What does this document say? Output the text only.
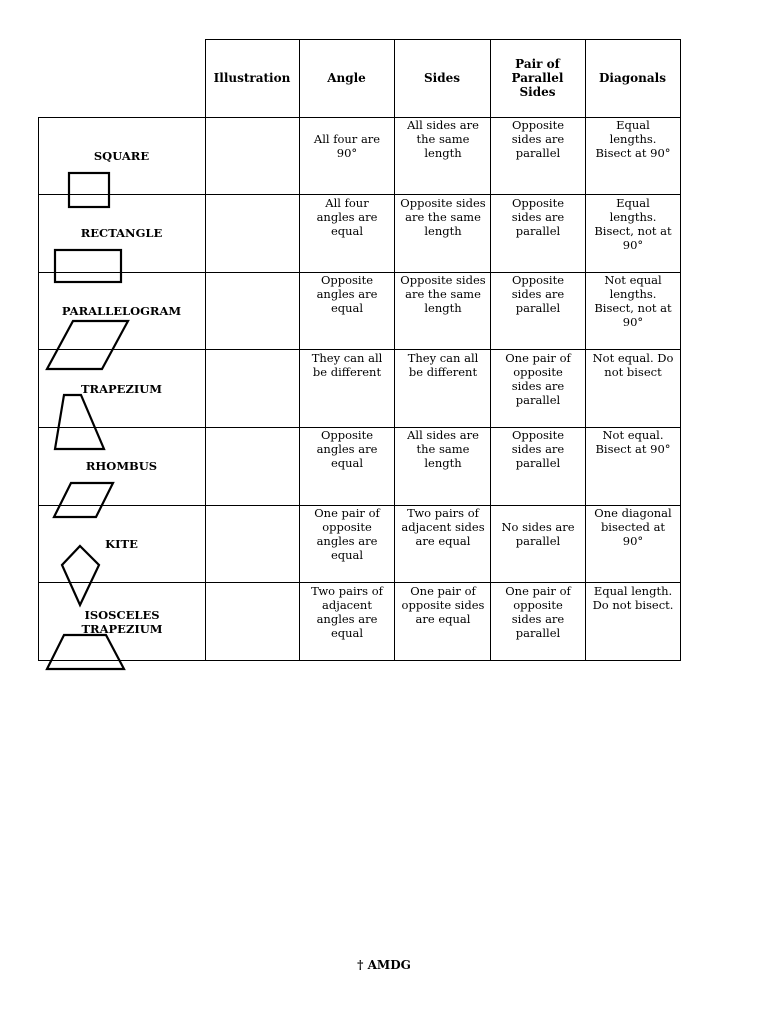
Illustration	Angle	Sides
Pair of Parallel Sides
Diagonals
SQUARE
All four are 90°
All sides are the same length
Opposite sides are parallel
Equal lengths. Bisect at 90°
RECTANGLE
All four angles are equal
Opposite sides are the same length
Opposite sides are parallel
Equal lengths. Bisect, not at 90°
PARALLELOGRAM
Opposite angles are equal
Opposite sides are the same length
Opposite sides are parallel
Not equal lengths. Bisect, not at 90°
TRAPEZIUM
They can all be different
They can all be different
One pair of opposite sides are parallel
Not equal. Do not bisect
RHOMBUS
Opposite angles are equal
All sides are the same length
Opposite sides are parallel
Not equal. Bisect at 90°
KITE
One pair of opposite angles are equal
Two pairs of adjacent sides are equal
No sides are parallel
One diagonal bisected at 90°
ISOSCELES TRAPEZIUM
Two pairs of adjacent angles are equal
One pair of opposite sides are equal
One pair of opposite sides are parallel
Equal length. Do not bisect.
† AMDG
